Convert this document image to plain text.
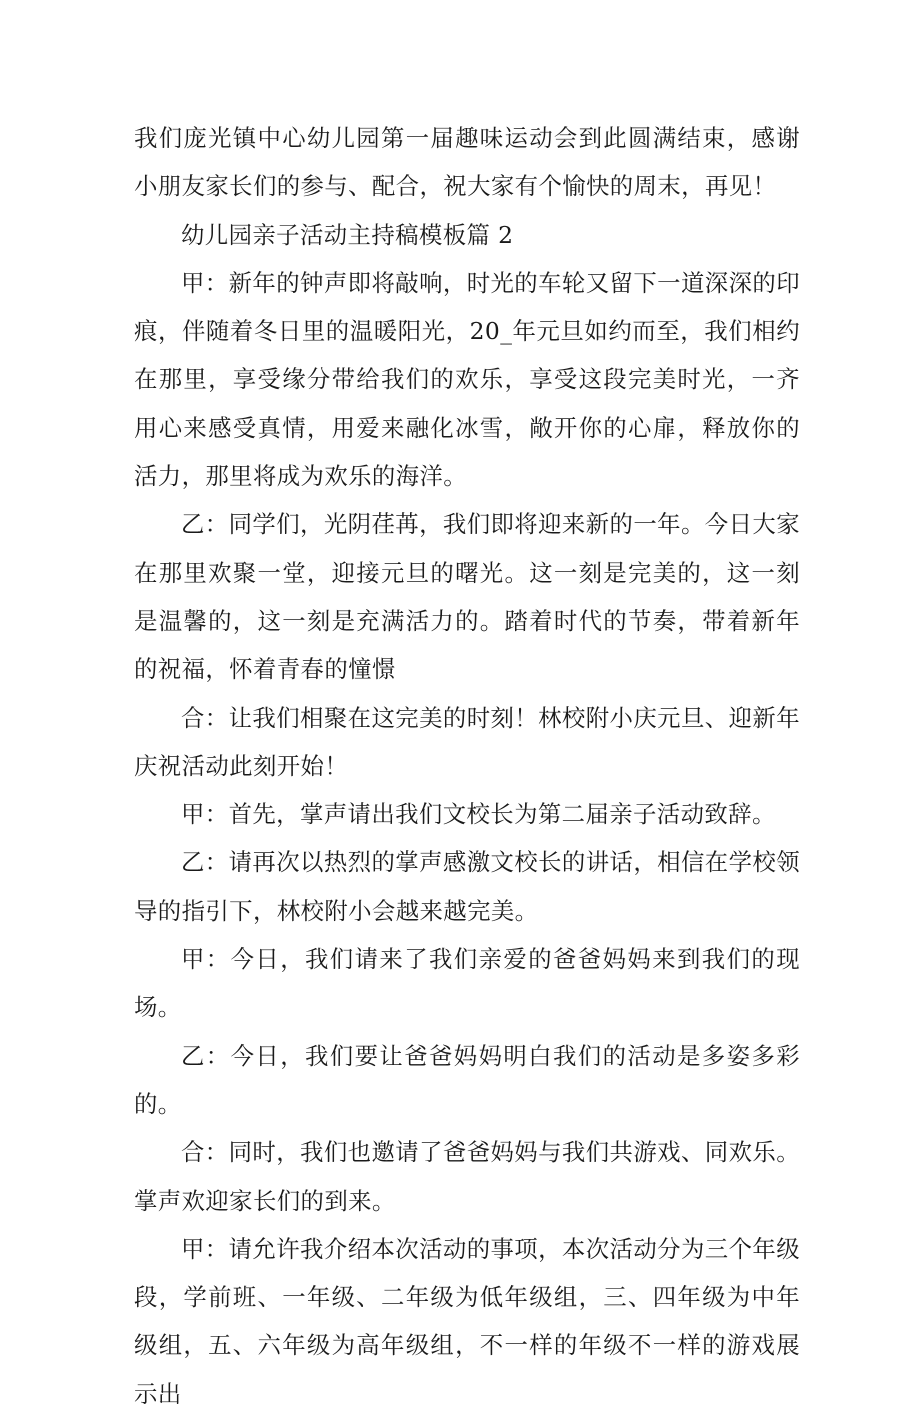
我们庞光镇中心幼儿园第一届趣味运动会到此圆满结束，感谢小朋友家长们的参与、配合，祝大家有个愉快的周末，再见！

幼儿园亲子活动主持稿模板篇 2

甲：新年的钟声即将敲响，时光的车轮又留下一道深深的印痕，伴随着冬日里的温暖阳光，20_年元旦如约而至，我们相约在那里，享受缘分带给我们的欢乐，享受这段完美时光，一齐用心来感受真情，用爱来融化冰雪，敞开你的心扉，释放你的活力，那里将成为欢乐的海洋。

乙：同学们，光阴荏苒，我们即将迎来新的一年。今日大家在那里欢聚一堂，迎接元旦的曙光。这一刻是完美的，这一刻是温馨的，这一刻是充满活力的。踏着时代的节奏，带着新年的祝福，怀着青春的憧憬

合：让我们相聚在这完美的时刻！林校附小庆元旦、迎新年庆祝活动此刻开始！

甲：首先，掌声请出我们文校长为第二届亲子活动致辞。

乙：请再次以热烈的掌声感激文校长的讲话，相信在学校领导的指引下，林校附小会越来越完美。

甲：今日，我们请来了我们亲爱的爸爸妈妈来到我们的现场。

乙：今日，我们要让爸爸妈妈明白我们的活动是多姿多彩的。

合：同时，我们也邀请了爸爸妈妈与我们共游戏、同欢乐。掌声欢迎家长们的到来。

甲：请允许我介绍本次活动的事项，本次活动分为三个年级段，学前班、一年级、二年级为低年级组，三、四年级为中年级组，五、六年级为高年级组，不一样的年级不一样的游戏展示出
